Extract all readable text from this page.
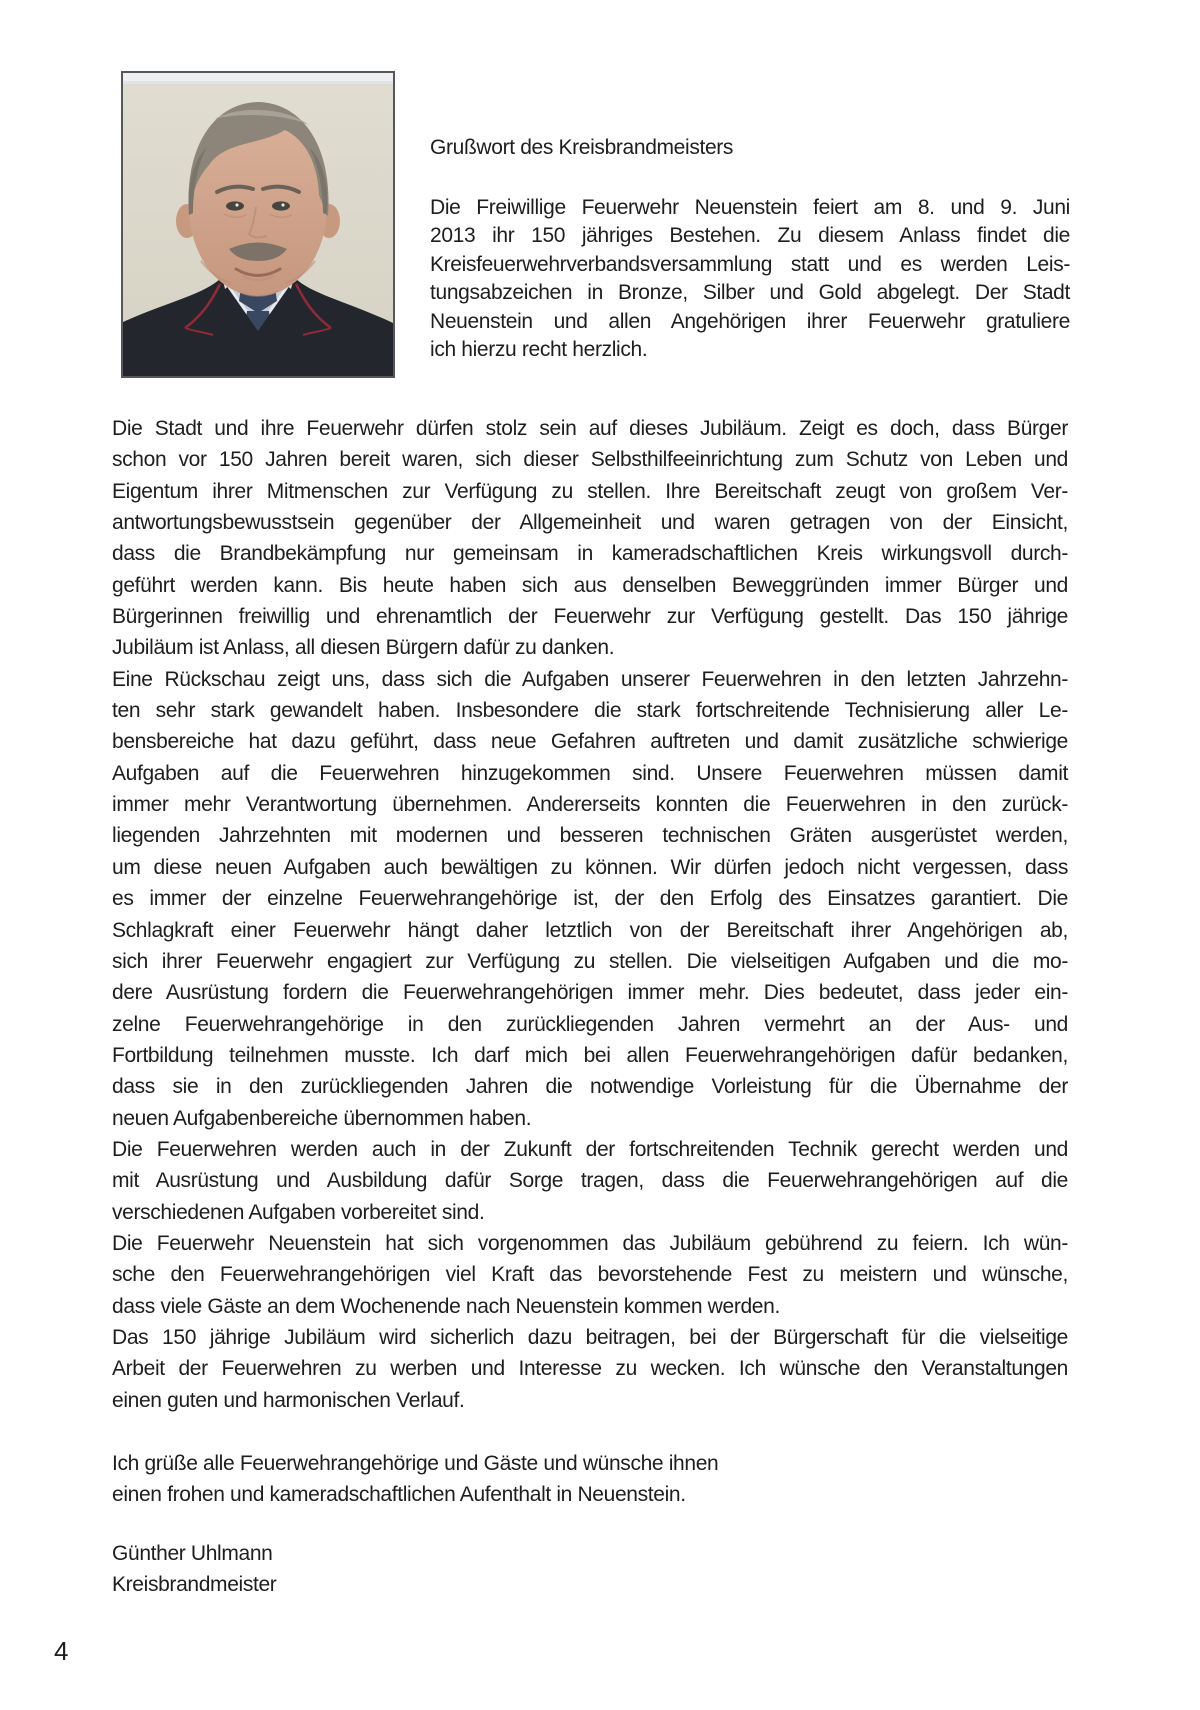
Grußwort des Kreisbrandmeisters
Die Freiwillige Feuerwehr Neuenstein feiert am 8. und 9. Juni
2013 ihr 150 jähriges Bestehen. Zu diesem Anlass findet die
Kreisfeuerwehrverbandsversammlung statt und es werden Leis-
tungsabzeichen in Bronze, Silber und Gold abgelegt. Der Stadt
Neuenstein und allen Angehörigen ihrer Feuerwehr gratuliere
ich hierzu recht herzlich.
Die Stadt und ihre Feuerwehr dürfen stolz sein auf dieses Jubiläum. Zeigt es doch, dass Bürger
schon vor 150 Jahren bereit waren, sich dieser Selbsthilfeeinrichtung zum Schutz von Leben und
Eigentum ihrer Mitmenschen zur Verfügung zu stellen. Ihre Bereitschaft zeugt von großem Ver-
antwortungsbewusstsein gegenüber der Allgemeinheit und waren getragen von der Einsicht,
dass die Brandbekämpfung nur gemeinsam in kameradschaftlichen Kreis wirkungsvoll durch-
geführt werden kann. Bis heute haben sich aus denselben Beweggründen immer Bürger und
Bürgerinnen freiwillig und ehrenamtlich der Feuerwehr zur Verfügung gestellt. Das 150 jährige
Jubiläum ist Anlass, all diesen Bürgern dafür zu danken.
Eine Rückschau zeigt uns, dass sich die Aufgaben unserer Feuerwehren in den letzten Jahrzehn-
ten sehr stark gewandelt haben. Insbesondere die stark fortschreitende Technisierung aller Le-
bensbereiche hat dazu geführt, dass neue Gefahren auftreten und damit zusätzliche schwierige
Aufgaben auf die Feuerwehren hinzugekommen sind. Unsere Feuerwehren müssen damit
immer mehr Verantwortung übernehmen. Andererseits konnten die Feuerwehren in den zurück-
liegenden Jahrzehnten mit modernen und besseren technischen Gräten ausgerüstet werden,
um diese neuen Aufgaben auch bewältigen zu können. Wir dürfen jedoch nicht vergessen, dass
es immer der einzelne Feuerwehrangehörige ist, der den Erfolg des Einsatzes garantiert. Die
Schlagkraft einer Feuerwehr hängt daher letztlich von der Bereitschaft ihrer Angehörigen ab,
sich ihrer Feuerwehr engagiert zur Verfügung zu stellen. Die vielseitigen Aufgaben und die mo-
dere Ausrüstung fordern die Feuerwehrangehörigen immer mehr. Dies bedeutet, dass jeder ein-
zelne Feuerwehrangehörige in den zurückliegenden Jahren vermehrt an der Aus- und
Fortbildung teilnehmen musste. Ich darf mich bei allen Feuerwehrangehörigen dafür bedanken,
dass sie in den zurückliegenden Jahren die notwendige Vorleistung für die Übernahme der
neuen Aufgabenbereiche übernommen haben.
Die Feuerwehren werden auch in der Zukunft der fortschreitenden Technik gerecht werden und
mit Ausrüstung und Ausbildung dafür Sorge tragen, dass die Feuerwehrangehörigen auf die
verschiedenen Aufgaben vorbereitet sind.
Die Feuerwehr Neuenstein hat sich vorgenommen das Jubiläum gebührend zu feiern. Ich wün-
sche den Feuerwehrangehörigen viel Kraft das bevorstehende Fest zu meistern und wünsche,
dass viele Gäste an dem Wochenende nach Neuenstein kommen werden.
Das 150 jährige Jubiläum wird sicherlich dazu beitragen, bei der Bürgerschaft für die vielseitige
Arbeit der Feuerwehren zu werben und Interesse zu wecken. Ich wünsche den Veranstaltungen
einen guten und harmonischen Verlauf.
Ich grüße alle Feuerwehrangehörige und Gäste und wünsche ihnen
einen frohen und kameradschaftlichen Aufenthalt in Neuenstein.
Günther Uhlmann
Kreisbrandmeister
4
